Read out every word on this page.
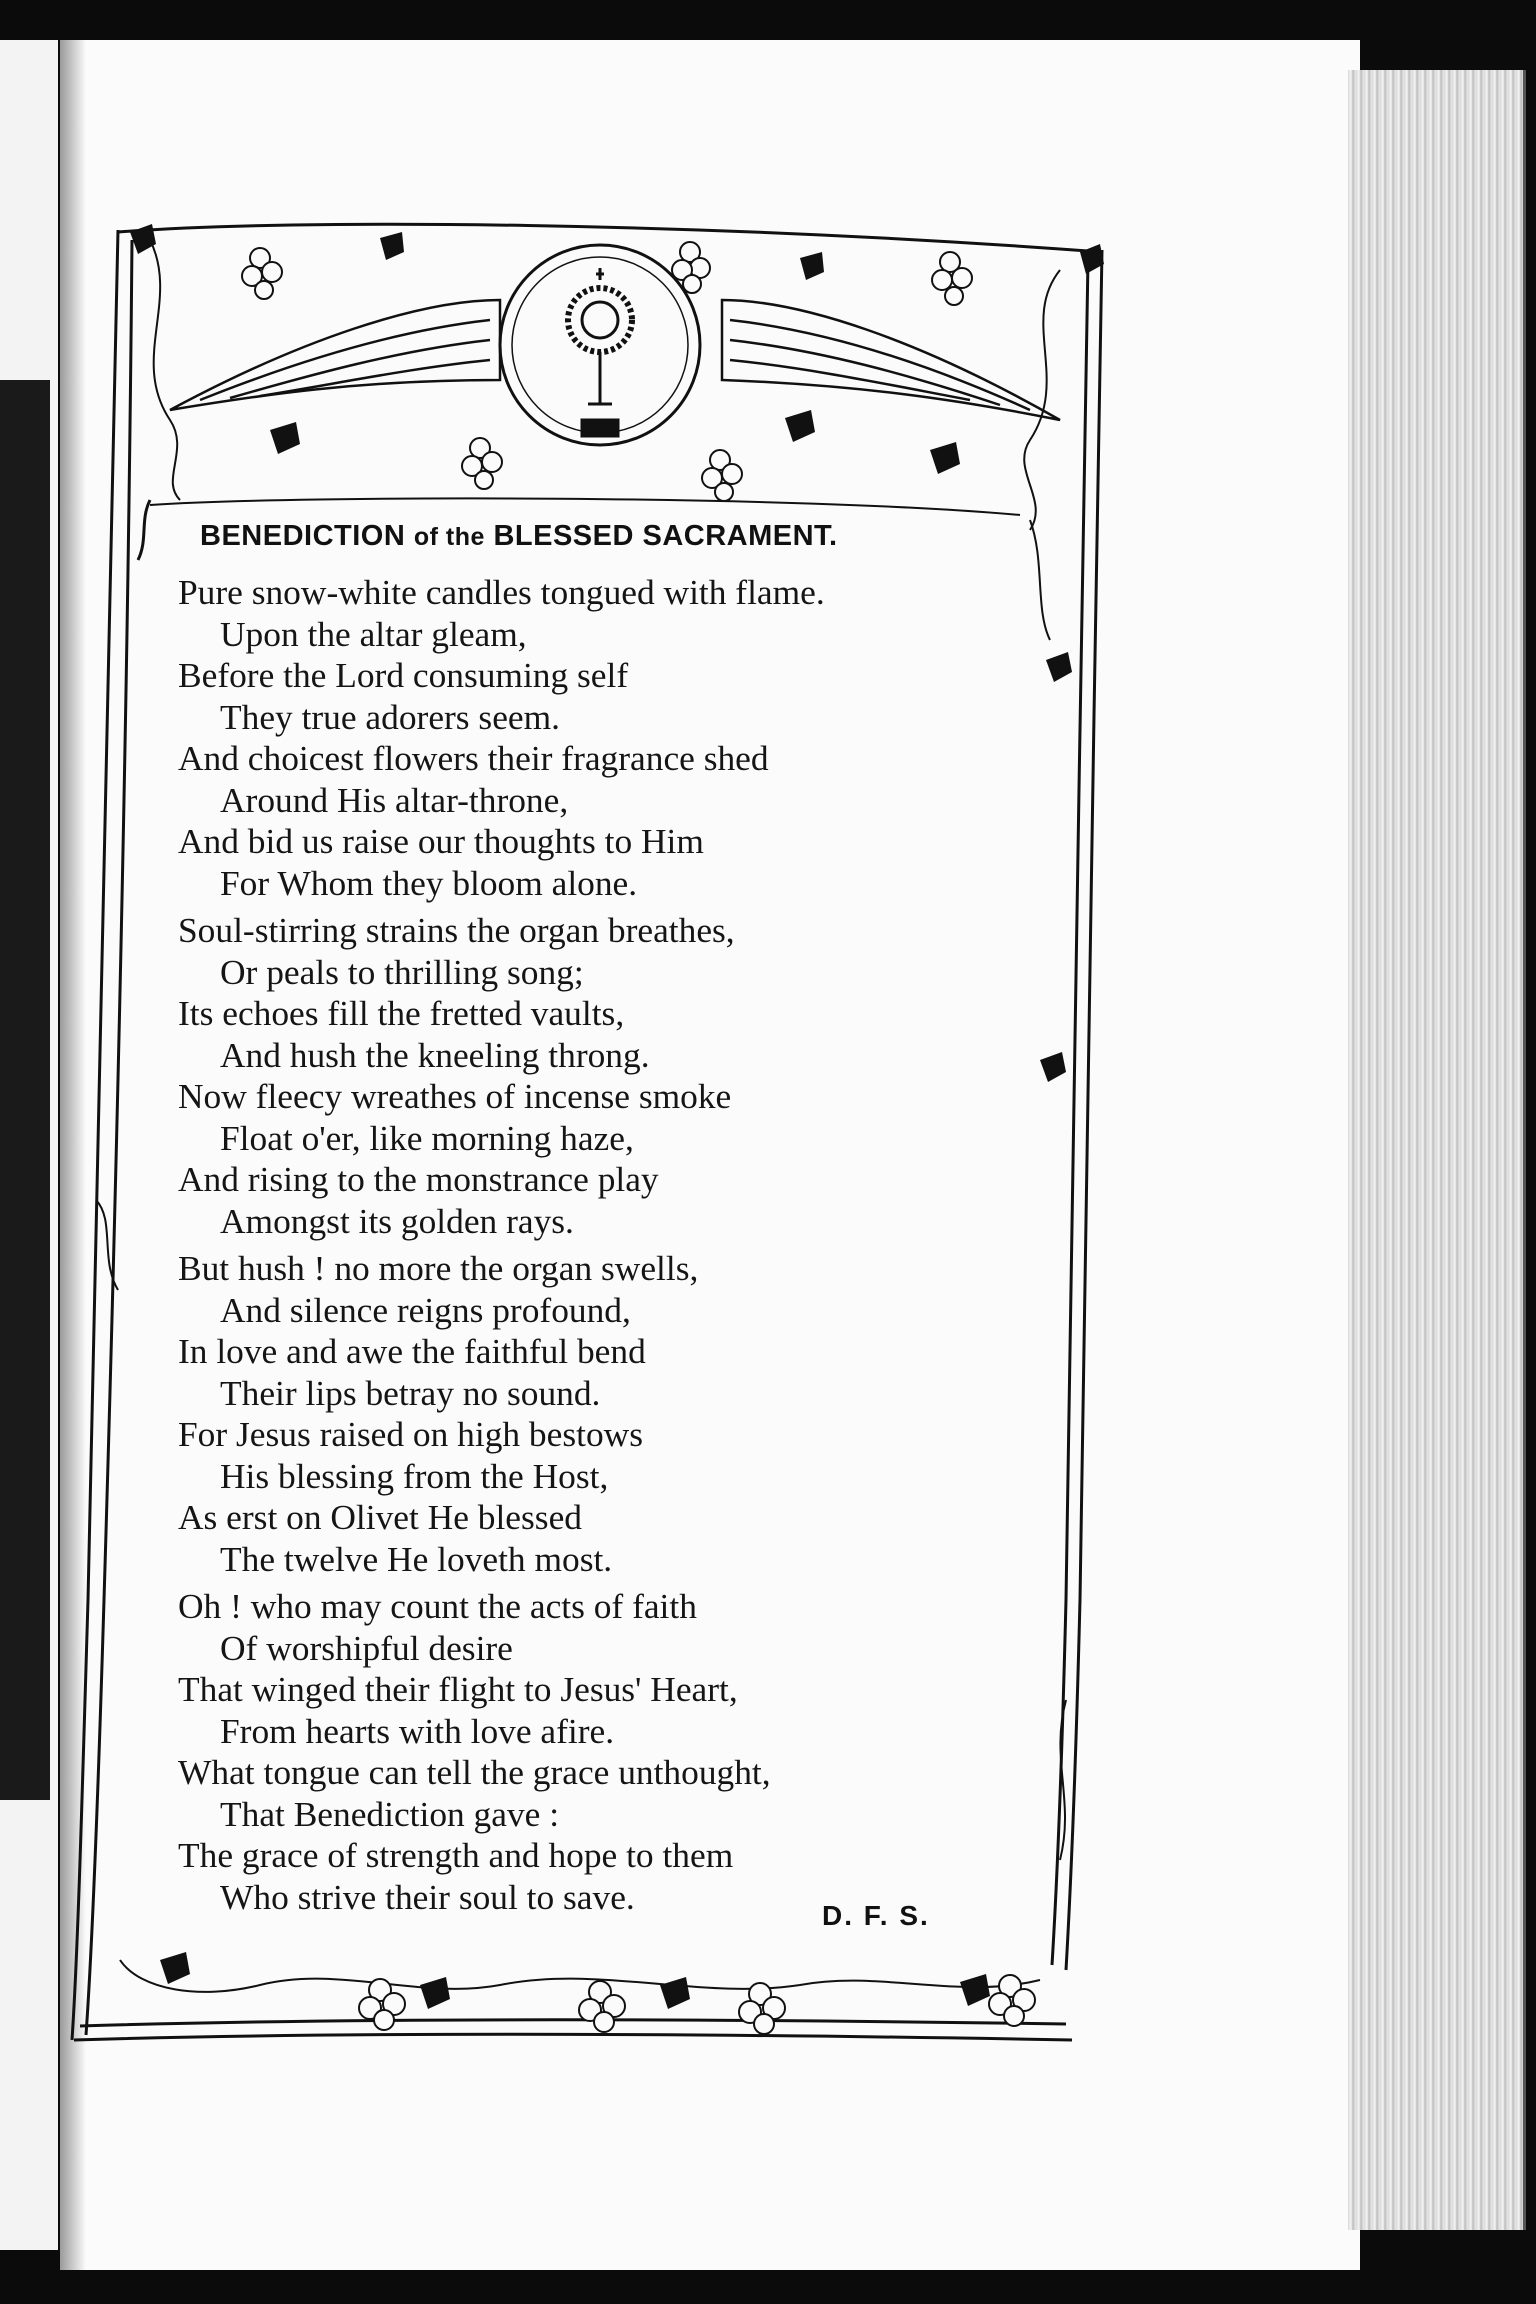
BENEDICTION of the BLESSED SACRAMENT.
Pure snow-white candles tongued with flame.
Upon the altar gleam,
Before the Lord consuming self
They true adorers seem.
And choicest flowers their fragrance shed
Around His altar-throne,
And bid us raise our thoughts to Him
For Whom they bloom alone.
Soul-stirring strains the organ breathes,
Or peals to thrilling song;
Its echoes fill the fretted vaults,
And hush the kneeling throng.
Now fleecy wreathes of incense smoke
Float o'er, like morning haze,
And rising to the monstrance play
Amongst its golden rays.
But hush ! no more the organ swells,
And silence reigns profound,
In love and awe the faithful bend
Their lips betray no sound.
For Jesus raised on high bestows
His blessing from the Host,
As erst on Olivet He blessed
The twelve He loveth most.
Oh ! who may count the acts of faith
Of worshipful desire
That winged their flight to Jesus' Heart,
From hearts with love afire.
What tongue can tell the grace unthought,
That Benediction gave :
The grace of strength and hope to them
Who strive their soul to save.	D. F. S.
